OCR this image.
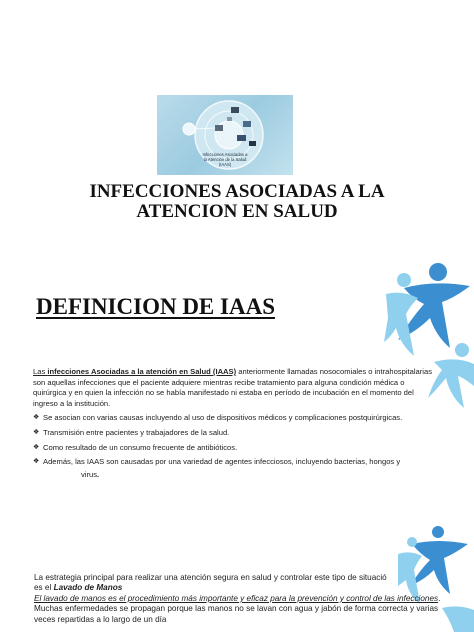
Infecciones Asociadas a
la Atención de la Salud
(IAAS)
INFECCIONES ASOCIADAS A LA
ATENCION EN SALUD
DEFINICION DE IAAS

Las infecciones Asociadas a la atención en Salud (IAAS) anteriormente llamadas nosocomiales o intrahospitalarias son aquellas infecciones que el paciente adquiere mientras recibe tratamiento para alguna condición médica o quirúrgica y en quien la infección no se había manifestado ni estaba en período de incubación en el momento del ingreso a la institución.

❖ Se asocian con varias causas incluyendo al uso de dispositivos médicos y complicaciones postquirúrgicas.
❖ Transmisión entre pacientes y trabajadores de la salud.
❖ Como resultado de un consumo frecuente de antibióticos.
❖ Además, las IAAS son causadas por una variedad de agentes infecciosos, incluyendo bacterias, hongos y
virus.

La estrategia principal para realizar una atención segura en salud y controlar este tipo de situació

es el Lavado de Manos

El lavado de manos es el procedimiento más importante y eficaz para la prevención y control de las infecciones. Muchas enfermedades se propagan porque las manos no se lavan con agua y jabón de forma correcta y varias veces repartidas a lo largo de un día
